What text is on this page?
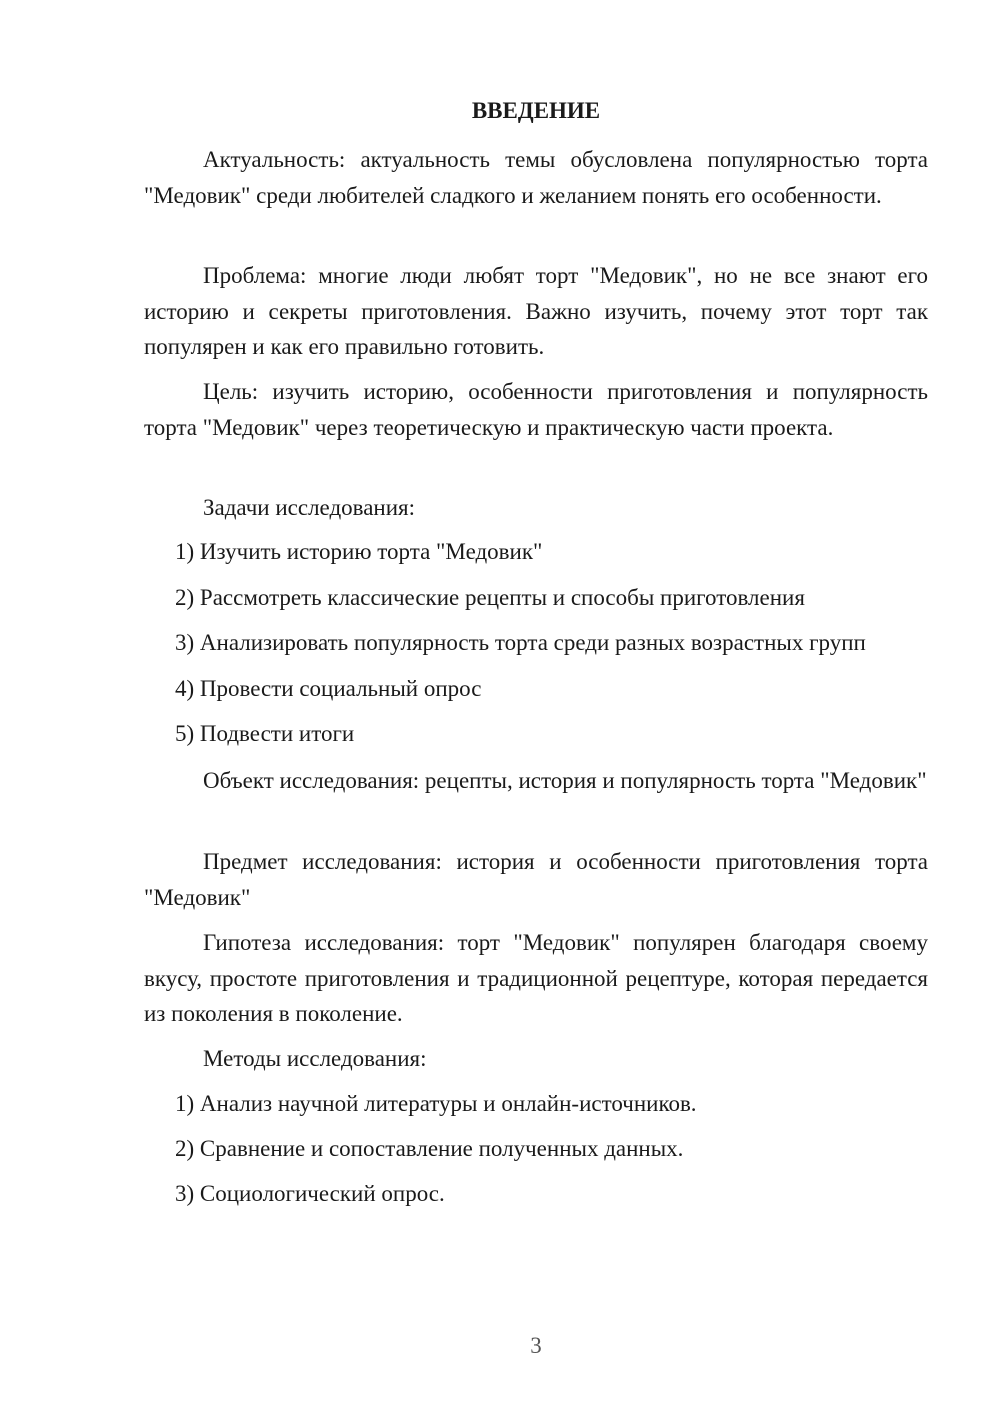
ВВЕДЕНИЕ

Актуальность: актуальность темы обусловлена популярностью торта "Медовик" среди любителей сладкого и желанием понять его особенности.

Проблема: многие люди любят торт "Медовик", но не все знают его историю и секреты приготовления. Важно изучить, почему этот торт так популярен и как его правильно готовить.

Цель: изучить историю, особенности приготовления и популярность торта "Медовик" через теоретическую и практическую части проекта.

Задачи исследования:

1) Изучить историю торта "Медовик"

2) Рассмотреть классические рецепты и способы приготовления

3) Анализировать популярность торта среди разных возрастных групп

4) Провести социальный опрос

5) Подвести итоги

Объект исследования: рецепты, история и популярность торта "Медовик"

Предмет исследования: история и особенности приготовления торта "Медовик"

Гипотеза исследования: торт "Медовик" популярен благодаря своему вкусу, простоте приготовления и традиционной рецептуре, которая передается из поколения в поколение.

Методы исследования:

1) Анализ научной литературы и онлайн-источников.

2) Сравнение и сопоставление полученных данных.

3) Социологический опрос.

3
